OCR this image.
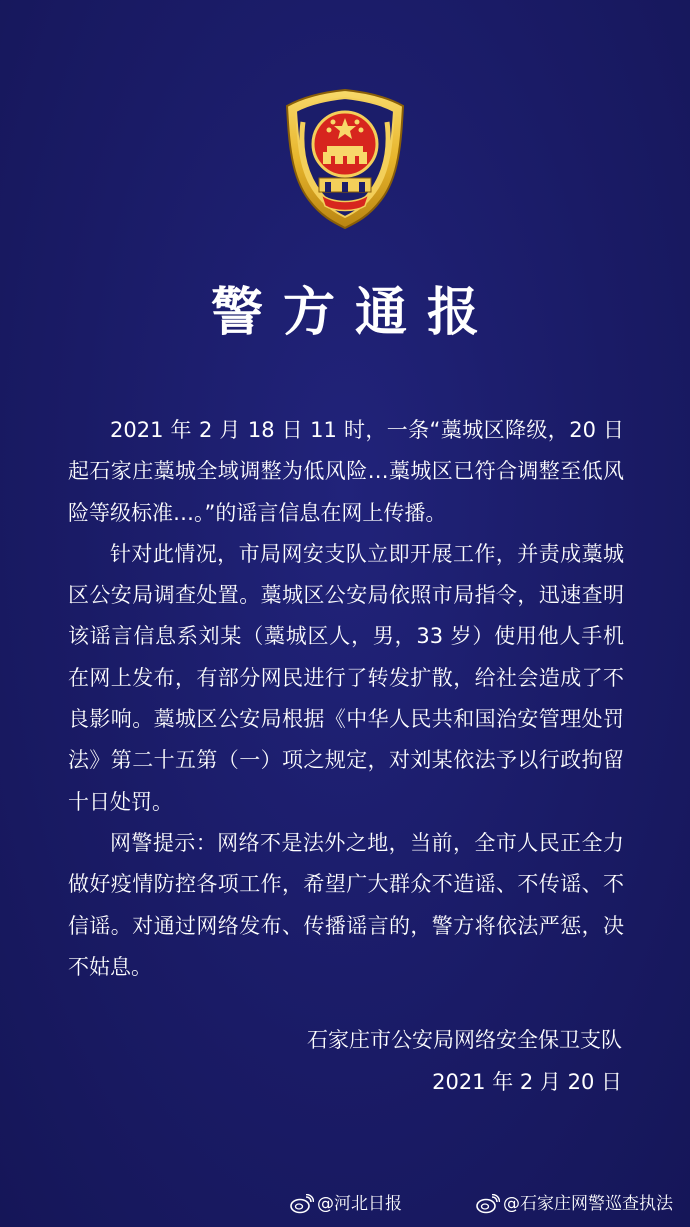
警方通报

2021 年 2 月 18 日 11 时，一条“藁城区降级，20 日起石家庄藁城全域调整为低风险…藁城区已符合调整至低风险等级标准…。”的谣言信息在网上传播。

针对此情况，市局网安支队立即开展工作，并责成藁城区公安局调查处置。藁城区公安局依照市局指令，迅速查明该谣言信息系刘某（藁城区人，男，33 岁）使用他人手机在网上发布，有部分网民进行了转发扩散，给社会造成了不良影响。藁城区公安局根据《中华人民共和国治安管理处罚法》第二十五第（一）项之规定，对刘某依法予以行政拘留十日处罚。

网警提示：网络不是法外之地，当前，全市人民正全力做好疫情防控各项工作，希望广大群众不造谣、不传谣、不信谣。对通过网络发布、传播谣言的，警方将依法严惩，决不姑息。

石家庄市公安局网络安全保卫支队
2021 年 2 月 20 日
@河北日报	@石家庄网警巡查执法
